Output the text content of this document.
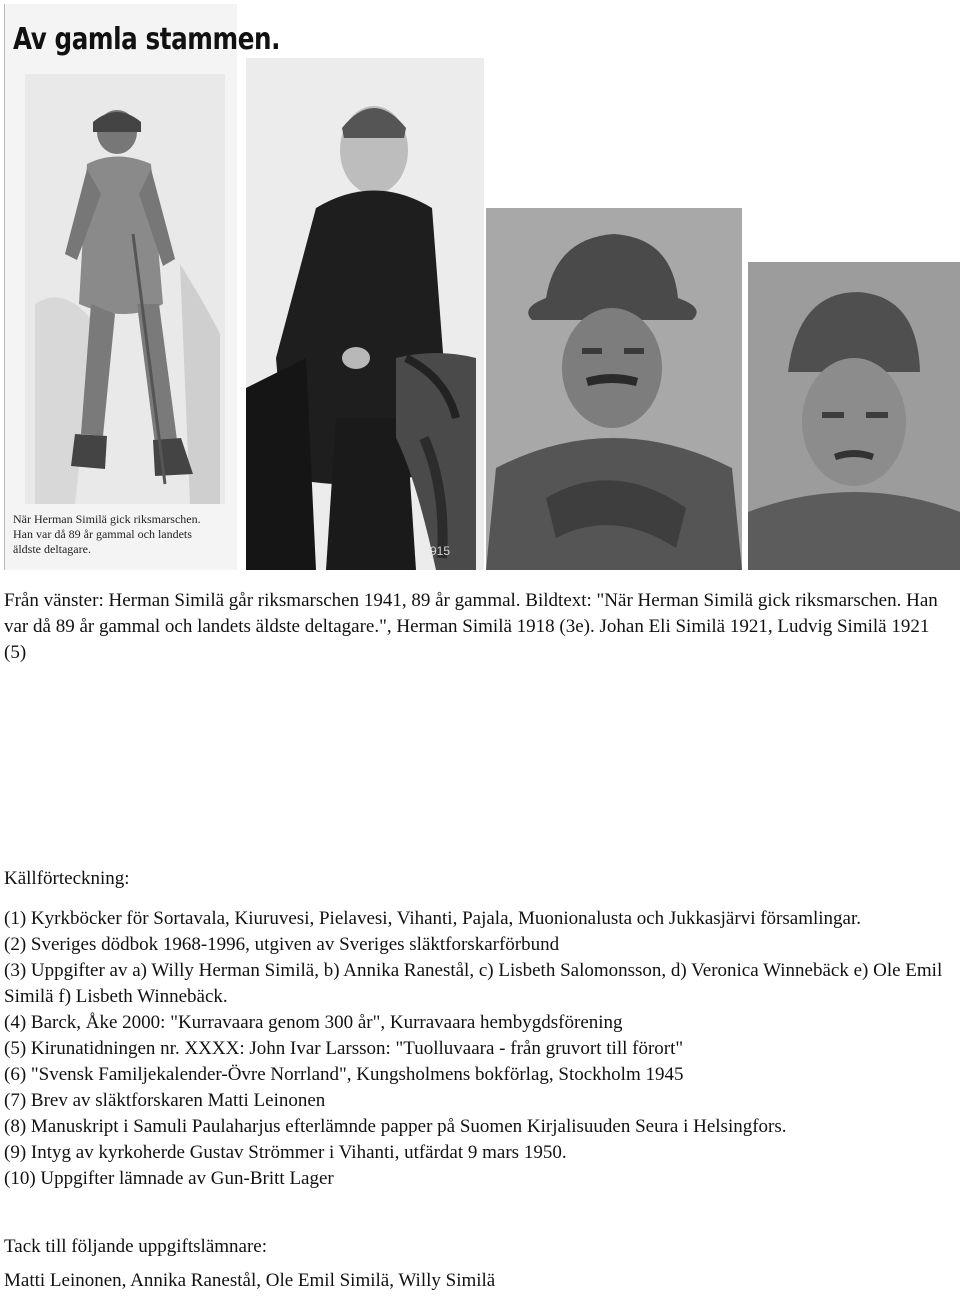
Av gamla stammen.
När Herman Similä gick riksmarschen.
Han var då 89 år gammal och landets
äldste deltagare.	915
Från vänster: Herman Similä går riksmarschen 1941, 89 år gammal. Bildtext: "När Herman Similä gick riksmarschen. Han var då 89 år gammal och landets äldste deltagare.", Herman Similä 1918 (3e). Johan Eli Similä 1921, Ludvig Similä 1921 (5)
Källförteckning:
(1) Kyrkböcker för Sortavala, Kiuruvesi, Pielavesi, Vihanti, Pajala, Muonionalusta och Jukkasjärvi församlingar.
(2) Sveriges dödbok 1968-1996, utgiven av Sveriges släktforskarförbund
(3) Uppgifter av a) Willy Herman Similä, b) Annika Ranestål, c) Lisbeth Salomonsson, d) Veronica Winnebäck e) Ole Emil Similä f) Lisbeth Winnebäck.
(4) Barck, Åke 2000: "Kurravaara genom 300 år", Kurravaara hembygdsförening
(5) Kirunatidningen nr. XXXX: John Ivar Larsson: "Tuolluvaara - från gruvort till förort"
(6) "Svensk Familjekalender-Övre Norrland", Kungsholmens bokförlag, Stockholm 1945
(7) Brev av släktforskaren Matti Leinonen
(8) Manuskript i Samuli Paulaharjus efterlämnde papper på Suomen Kirjalisuuden Seura i Helsingfors.
(9) Intyg av kyrkoherde Gustav Strömmer i Vihanti, utfärdat 9 mars 1950.
(10) Uppgifter lämnade av Gun-Britt Lager
Tack till följande uppgiftslämnare:
Matti Leinonen, Annika Ranestål, Ole Emil Similä, Willy Similä
